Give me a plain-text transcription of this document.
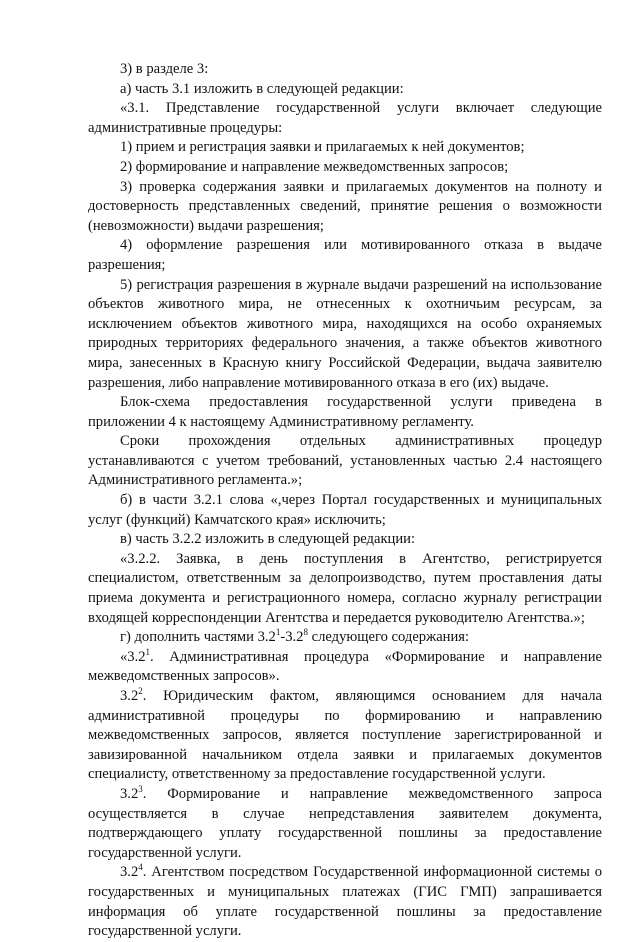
3) в разделе 3:

а) часть 3.1 изложить в следующей редакции:

«3.1. Представление государственной услуги включает следующие административные процедуры:

1) прием и регистрация заявки и прилагаемых к ней документов;

2) формирование и направление межведомственных запросов;

3) проверка содержания заявки и прилагаемых документов на полноту и достоверность представленных сведений, принятие решения о возможности (невозможности) выдачи разрешения;

4) оформление разрешения или мотивированного отказа в выдаче разрешения;

5) регистрация разрешения в журнале выдачи разрешений на использование объектов животного мира, не отнесенных к охотничьим ресурсам, за исключением объектов животного мира, находящихся на особо охраняемых природных территориях федерального значения, а также объектов животного мира, занесенных в Красную книгу Российской Федерации, выдача заявителю разрешения, либо направление мотивированного отказа в его (их) выдаче.

Блок-схема предоставления государственной услуги приведена в приложении 4 к настоящему Административному регламенту.

Сроки прохождения отдельных административных процедур устанавливаются с учетом требований, установленных частью 2.4 настоящего Административного регламента.»;

б) в части 3.2.1 слова «,через Портал государственных и муниципальных услуг (функций) Камчатского края» исключить;

в) часть 3.2.2 изложить в следующей редакции:

«3.2.2. Заявка, в день поступления в Агентство, регистрируется специалистом, ответственным за делопроизводство, путем проставления даты приема документа и регистрационного номера, согласно журналу регистрации входящей корреспонденции Агентства и передается руководителю Агентства.»;

г) дополнить частями $3.2^1-3.2^8$ следующего содержания:

«$3.2^1$. Административная процедура «Формирование и направление межведомственных запросов».

$3.2^2$. Юридическим фактом, являющимся основанием для начала административной процедуры по формированию и направлению межведомственных запросов, является поступление зарегистрированной и завизированной начальником отдела заявки и прилагаемых документов специалисту, ответственному за предоставление государственной услуги.

$3.2^3$. Формирование и направление межведомственного запроса осуществляется в случае непредставления заявителем документа, подтверждающего уплату государственной пошлины за предоставление государственной услуги.

$3.2^4$. Агентством посредством Государственной информационной системы о государственных и муниципальных платежах (ГИС ГМП) запрашивается информация об уплате государственной пошлины за предоставление государственной услуги.
